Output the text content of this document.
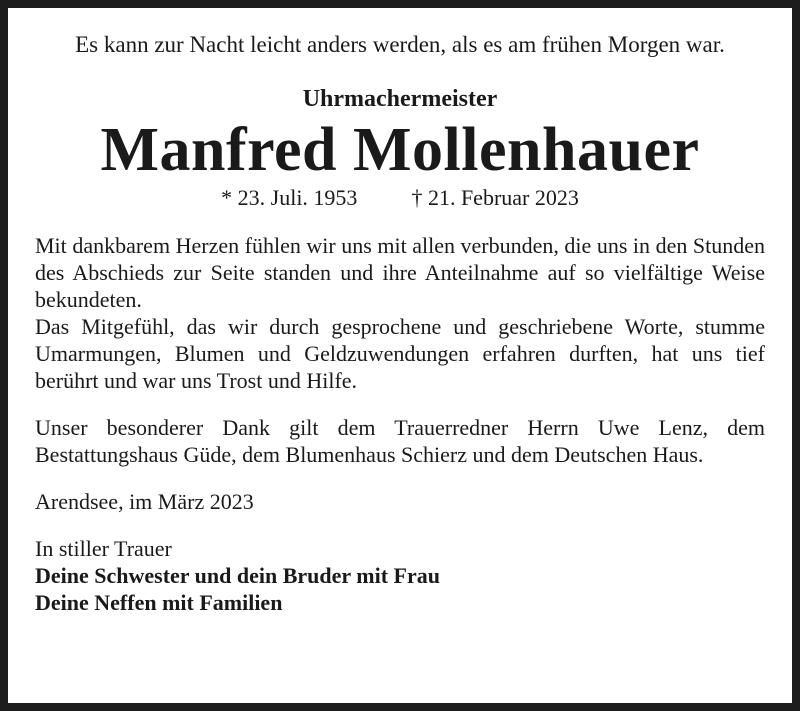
Es kann zur Nacht leicht anders werden, als es am frühen Morgen war.
Uhrmachermeister
Manfred Mollenhauer
* 23. Juli. 1953 † 21. Februar 2023
Mit dankbarem Herzen fühlen wir uns mit allen verbunden, die uns in den Stunden des Abschieds zur Seite standen und ihre Anteilnahme auf so vielfältige Weise bekundeten.
Das Mitgefühl, das wir durch gesprochene und geschriebene Worte, stumme Umarmungen, Blumen und Geldzuwendungen erfahren durften, hat uns tief berührt und war uns Trost und Hilfe.
Unser besonderer Dank gilt dem Trauerredner Herrn Uwe Lenz, dem Bestattungshaus Güde, dem Blumenhaus Schierz und dem Deutschen Haus.
Arendsee, im März 2023
In stiller Trauer
Deine Schwester und dein Bruder mit Frau
Deine Neffen mit Familien
